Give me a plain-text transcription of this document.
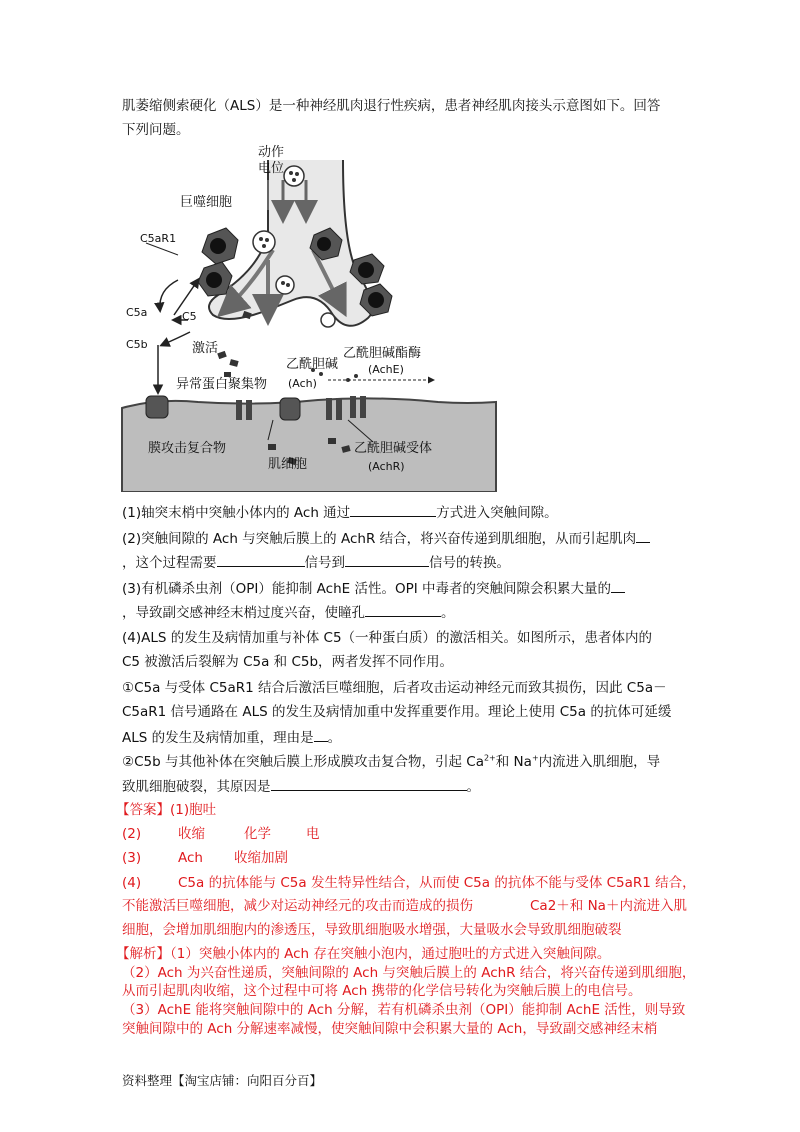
肌萎缩侧索硬化（ALS）是一种神经肌肉退行性疾病，患者神经肌肉接头示意图如下。回答
下列问题。
动作
电位
巨噬细胞
C5aR1
C5a	C5
C5b	激活
异常蛋白聚集物
乙酰胆碱
(Ach)
乙酰胆碱酯酶
(AchE)
膜攻击复合物
肌细胞
乙酰胆碱受体
(AchR)
(1)轴突末梢中突触小体内的 Ach 通过	方式进入突触间隙。
(2)突触间隙的 Ach 与突触后膜上的 AchR 结合，将兴奋传递到肌细胞，从而引起肌肉
，这个过程需要	信号到	信号的转换。
(3)有机磷杀虫剂（OPI）能抑制 AchE 活性。OPI 中毒者的突触间隙会积累大量的
，导致副交感神经末梢过度兴奋，使瞳孔	。
(4)ALS 的发生及病情加重与补体 C5（一种蛋白质）的激活相关。如图所示，患者体内的
C5 被激活后裂解为 C5a 和 C5b，两者发挥不同作用。
①C5a 与受体 C5aR1 结合后激活巨噬细胞，后者攻击运动神经元而致其损伤，因此 C5a－
C5aR1 信号通路在 ALS 的发生及病情加重中发挥重要作用。理论上使用 C5a 的抗体可延缓
ALS 的发生及病情加重，理由是 。
②C5b 与其他补体在突触后膜上形成膜攻击复合物，引起 $Ca^{2+}$和 Na+内流进入肌细胞，导
致肌细胞破裂，其原因是	。
【答案】(1)胞吐
(2)	收缩	化学	电
(3)	Ach 收缩加剧
(4)	C5a 的抗体能与 C5a 发生特异性结合，从而使 C5a 的抗体不能与受体 C5aR1 结合，
不能激活巨噬细胞，减少对运动神经元的攻击而造成的损伤	Ca2＋和 Na＋内流进入肌
细胞，会增加肌细胞内的渗透压，导致肌细胞吸水增强，大量吸水会导致肌细胞破裂
【解析】（1）突触小体内的 Ach 存在突触小泡内，通过胞吐的方式进入突触间隙。
（2）Ach 为兴奋性递质，突触间隙的 Ach 与突触后膜上的 AchR 结合，将兴奋传递到肌细胞，
从而引起肌肉收缩，这个过程中可将 Ach 携带的化学信号转化为突触后膜上的电信号。
（3）AchE 能将突触间隙中的 Ach 分解，若有机磷杀虫剂（OPI）能抑制 AchE 活性，则导致
突触间隙中的 Ach 分解速率减慢，使突触间隙中会积累大量的 Ach，导致副交感神经末梢
资料整理【淘宝店铺：向阳百分百】
